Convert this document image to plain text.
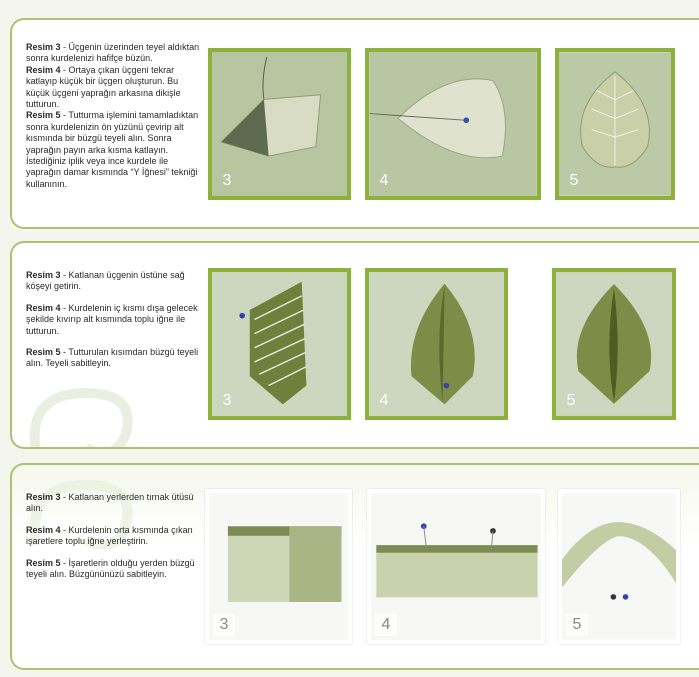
Resim 3 - Üçgenin üzerinden teyel aldıktan sonra kurdelenizi hafifçe büzün.

Resim 4 - Ortaya çıkan üçgeni tekrar katlayıp küçük bir üçgen oluşturun. Bu küçük üçgeni yaprağın arkasına dikişle tutturun.

Resim 5 - Tutturma işlemini tamamladıktan sonra kurdelenizin ön yüzünü çevirip alt kısmında bir büzgü teyeli alın. Sonra yaprağın payın arka kısma katlayın. İstediğiniz iplik veya ince kurdele ile yaprağın damar kısmında “Y İğnesi” tekniği kullanının.	3	4	5

Resim 3 - Katlanan üçgenin üstüne sağ köşeyi getirin.

Resim 4 - Kurdelenin iç kısmı dışa gelecek şekilde kıvırıp alt kısmında toplu iğne ile tutturun.

Resim 5 - Tutturulan kısımdan büzgü teyeli alın. Teyeli sabitleyin.

3	4	5

Resim 3 - Katlanan yerlerden tırnak ütüsü alın.

Resim 4 - Kurdelenin orta kısmında çıkan işaretlere toplu iğne yerleştirin.

Resim 5 - İşaretlerin olduğu yerden büzgü teyeli alın. Büzgününüzü sabitleyin.

3	4	5
